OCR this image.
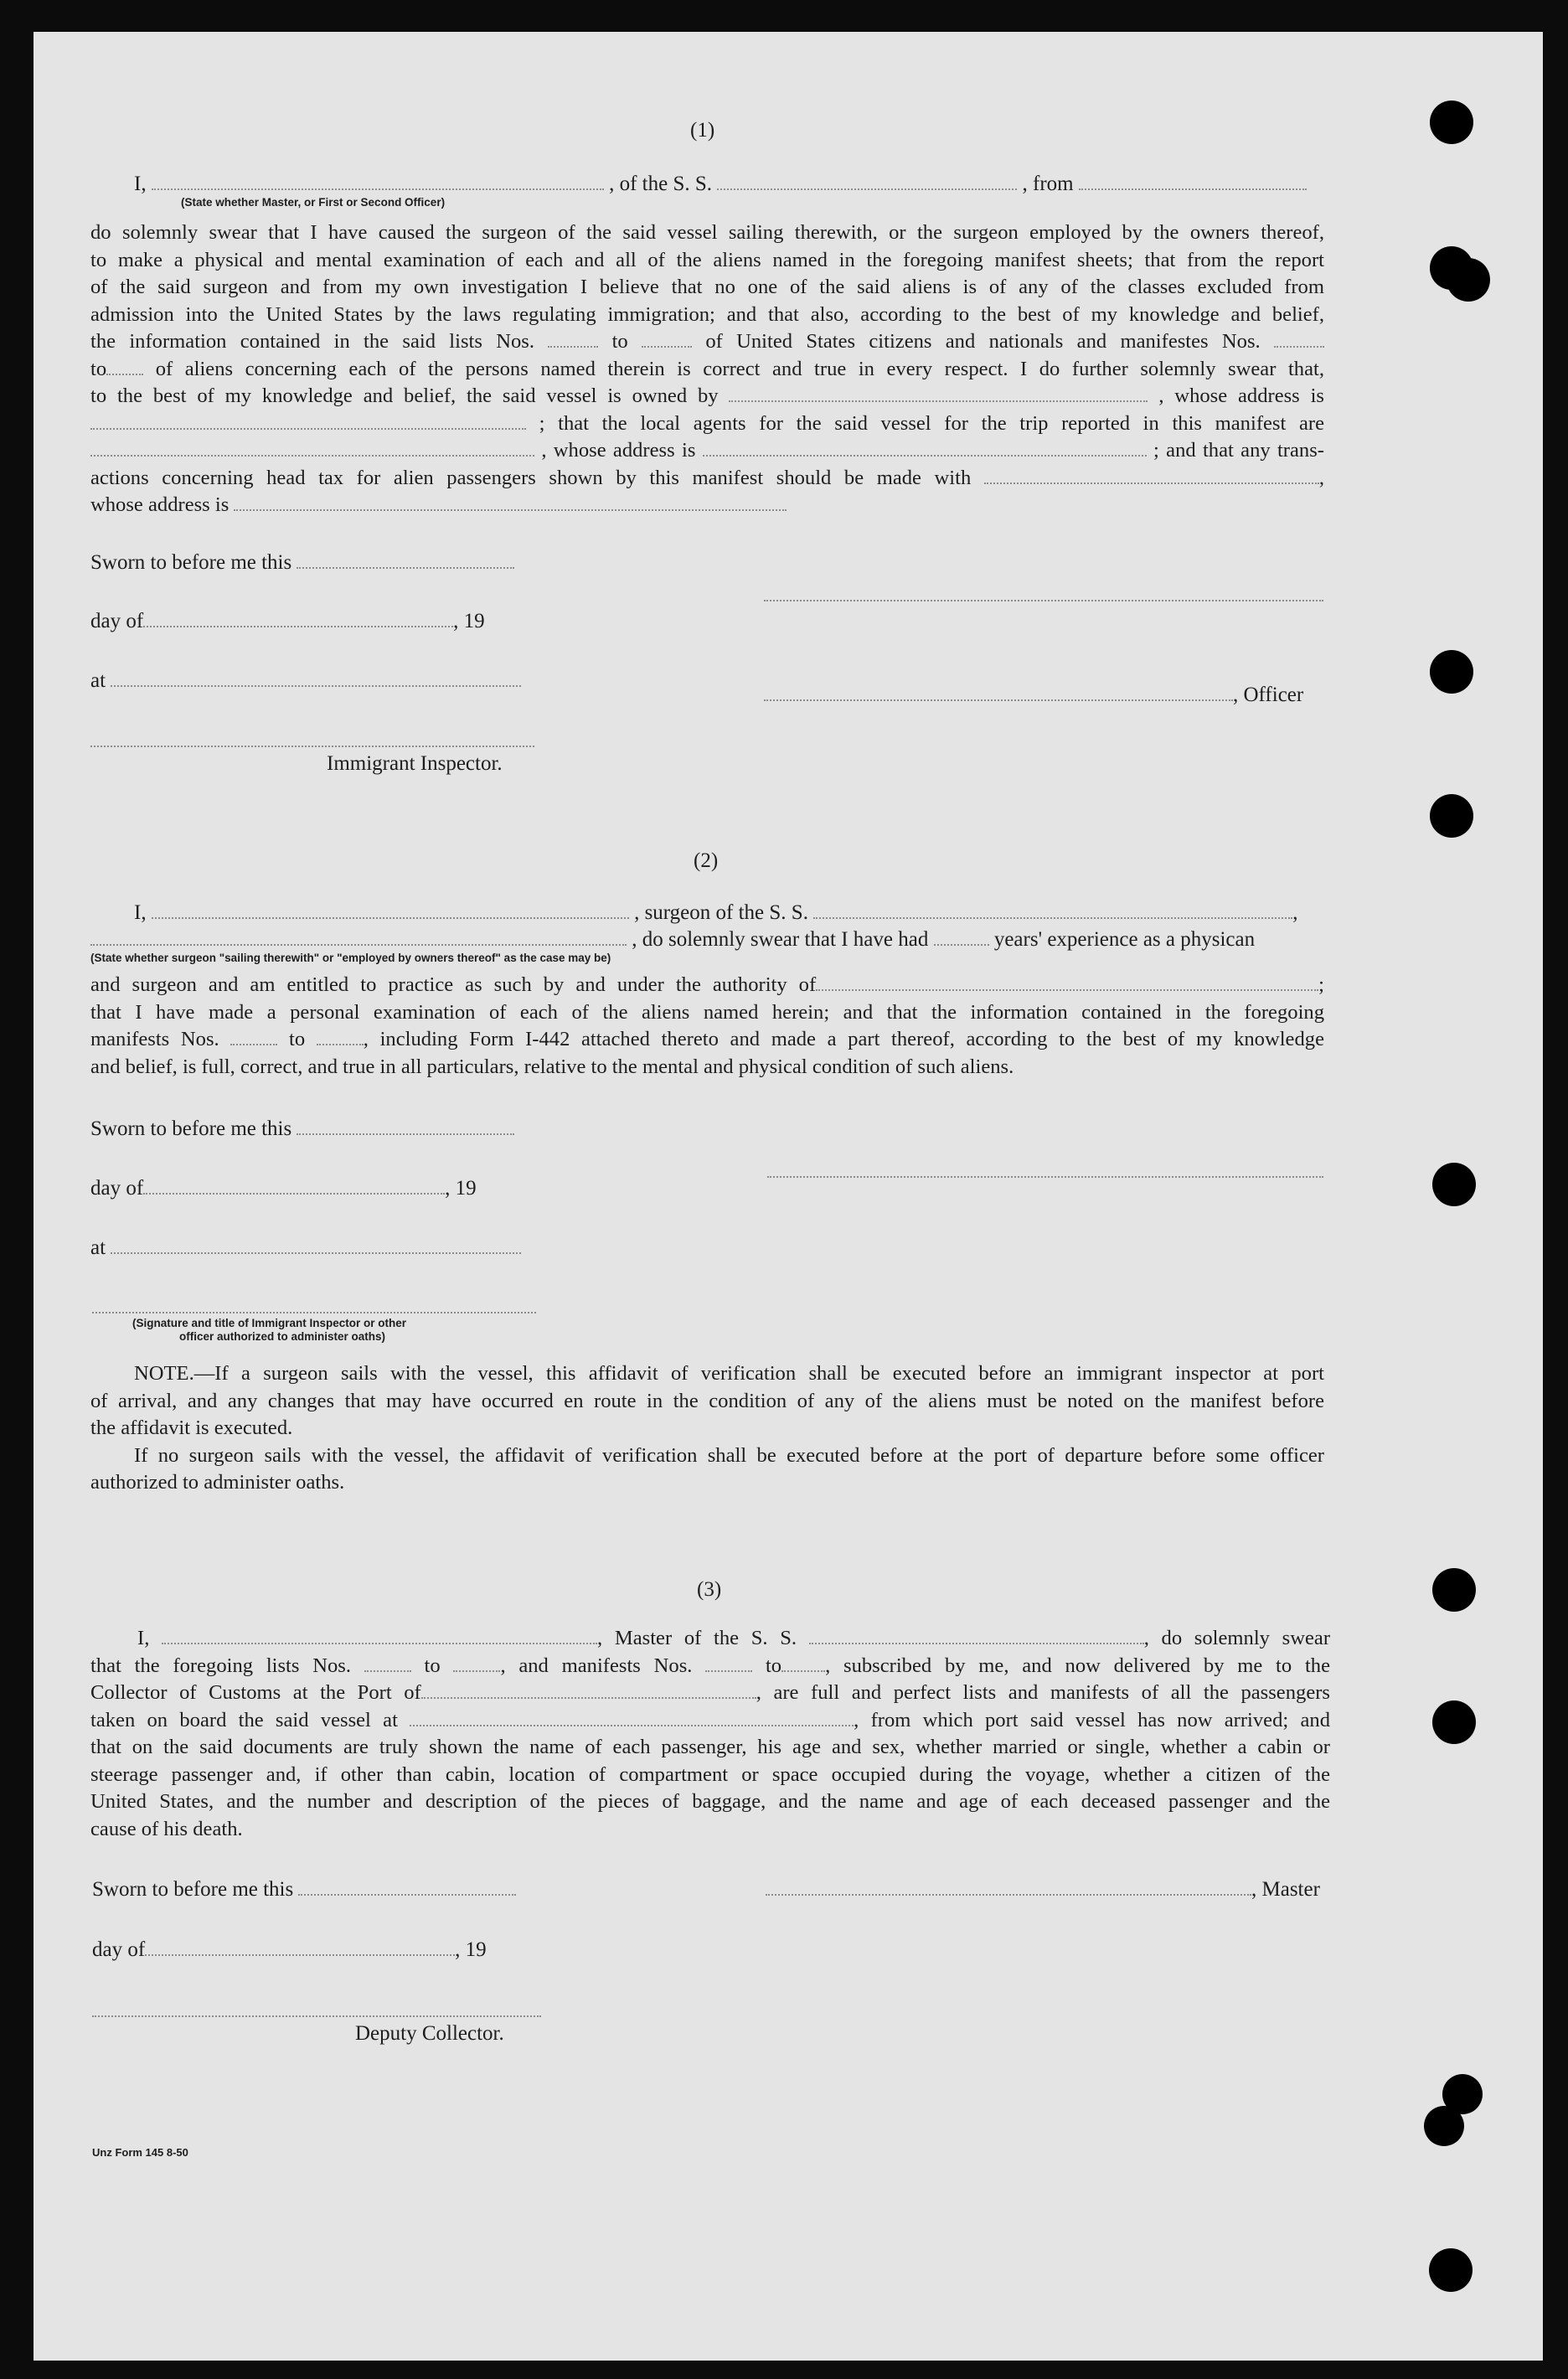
(1)
I,	, of the S. S.	, from
(State whether Master, or First or Second Officer)
do solemnly swear that I have caused the surgeon of the said vessel sailing therewith, or the surgeon employed by the owners thereof,
to make a physical and mental examination of each and all of the aliens named in the foregoing manifest sheets; that from the report
of the said surgeon and from my own investigation I believe that no one of the said aliens is of any of the classes excluded from
admission into the United States by the laws regulating immigration; and that also, according to the best of my knowledge and belief,
the information contained in the said lists Nos.	to	of United States citizens and nationals and manifestes Nos.
to of aliens concerning each of the persons named therein is correct and true in every respect. I do further solemnly swear that,
to the best of my knowledge and belief, the said vessel is owned by	, whose address is
; that the local agents for the said vessel for the trip reported in this manifest are
, whose address is	; and that any trans-
actions concerning head tax for alien passengers shown by this manifest should be made with	,
whose address is
Sworn to before me this
day of	, 19
at
, Officer
Immigrant Inspector.
(2)
I,	, surgeon of the S. S.	,
, do solemnly swear that I have had	years' experience as a physican
(State whether surgeon "sailing therewith" or "employed by owners thereof" as the case may be)
and surgeon and am entitled to practice as such by and under the authority of	;
that I have made a personal examination of each of the aliens named herein; and that the information contained in the foregoing
manifests Nos.	to	, including Form I-442 attached thereto and made a part thereof, according to the best of my knowledge
and belief, is full, correct, and true in all particulars, relative to the mental and physical condition of such aliens.
Sworn to before me this
day of	, 19
at
(Signature and title of Immigrant Inspector or other
officer authorized to administer oaths)
NOTE.—If a surgeon sails with the vessel, this affidavit of verification shall be executed before an immigrant inspector at port
of arrival, and any changes that may have occurred en route in the condition of any of the aliens must be noted on the manifest before
the affidavit is executed.
If no surgeon sails with the vessel, the affidavit of verification shall be executed before at the port of departure before some officer
authorized to administer oaths.
(3)
I,	, Master of the S. S.	, do solemnly swear
that the foregoing lists Nos.	to	, and manifests Nos.	to , subscribed by me, and now delivered by me to the
Collector of Customs at the Port of	, are full and perfect lists and manifests of all the passengers
taken on board the said vessel at	, from which port said vessel has now arrived; and
that on the said documents are truly shown the name of each passenger, his age and sex, whether married or single, whether a cabin or
steerage passenger and, if other than cabin, location of compartment or space occupied during the voyage, whether a citizen of the
United States, and the number and description of the pieces of baggage, and the name and age of each deceased passenger and the
cause of his death.
Sworn to before me this	, Master
day of	, 19
Deputy Collector.
Unz Form 145 8-50
